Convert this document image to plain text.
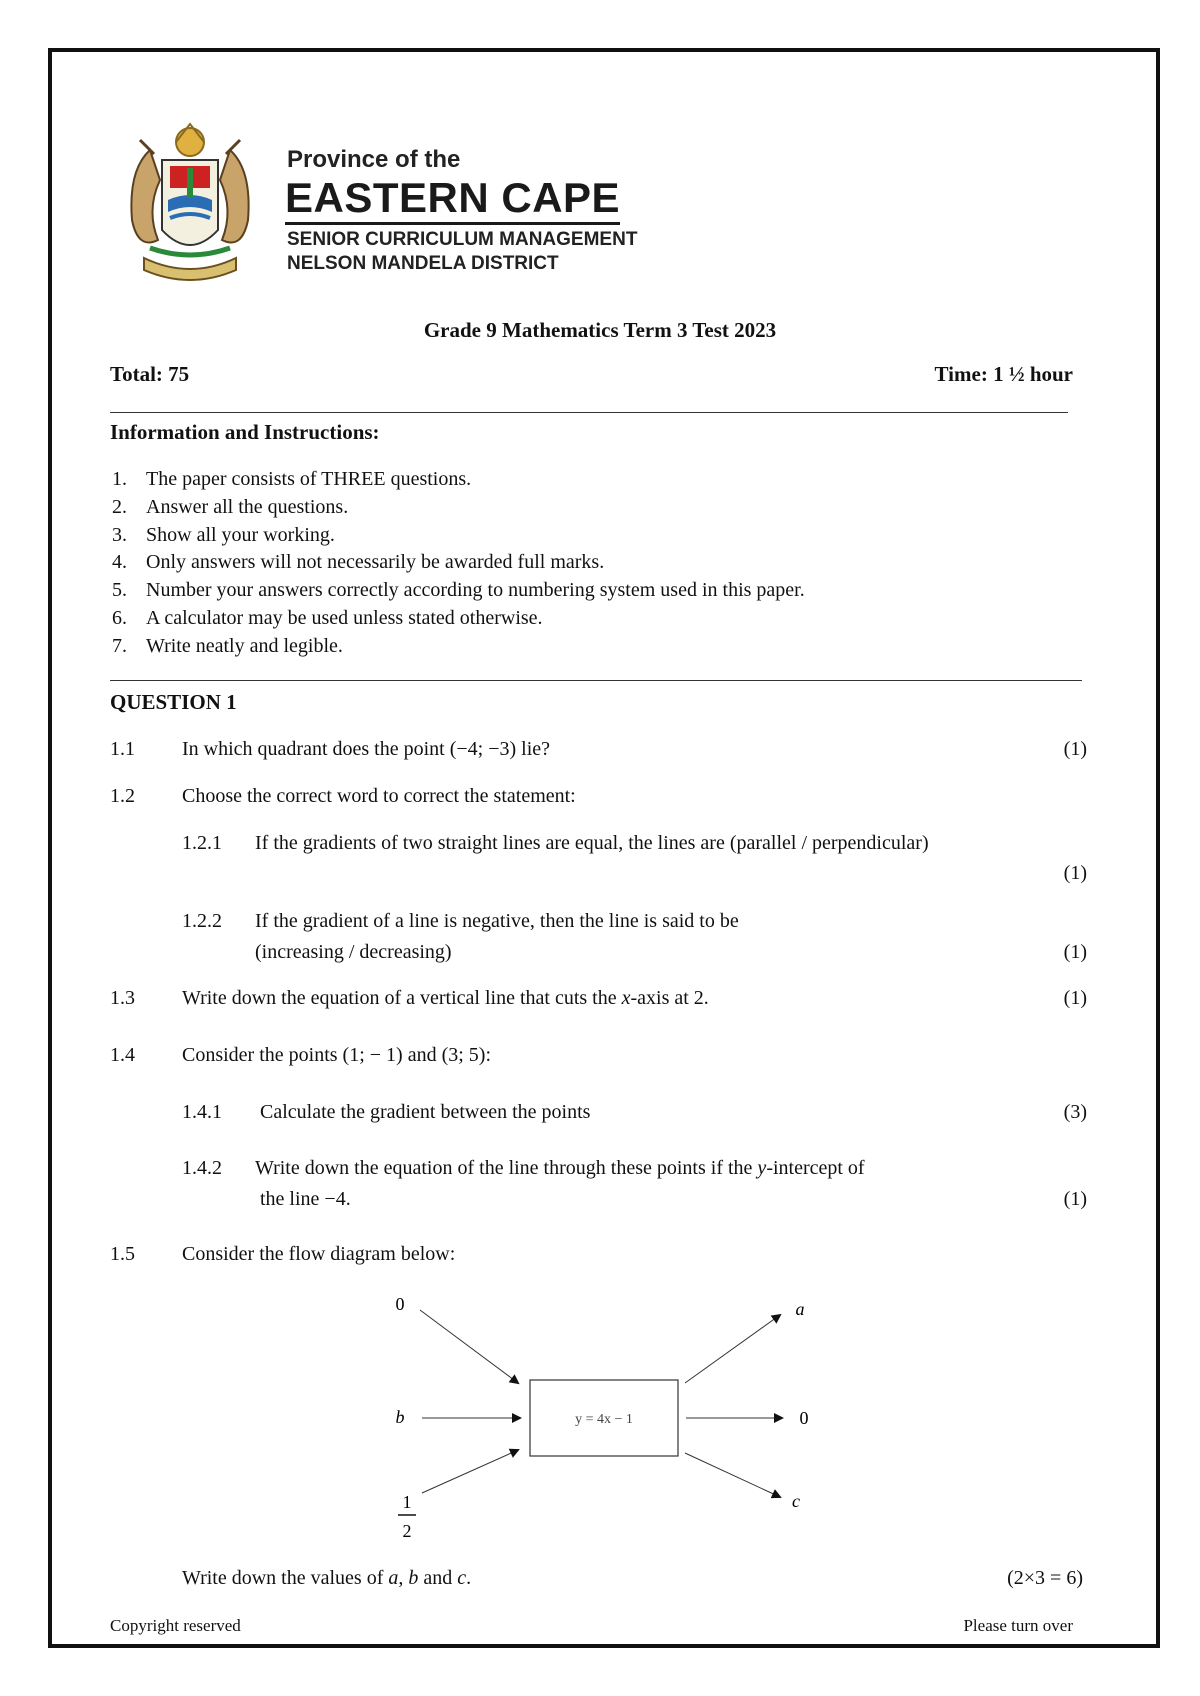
Province of the
EASTERN CAPE
SENIOR CURRICULUM MANAGEMENT
NELSON MANDELA DISTRICT
Grade 9 Mathematics Term 3 Test 2023
Total: 75	Time: 1 ½ hour
Information and Instructions:
1. The paper consists of THREE questions.
2. Answer all the questions.
3. Show all your working.
4. Only answers will not necessarily be awarded full marks.
5. Number your answers correctly according to numbering system used in this paper.
6. A calculator may be used unless stated otherwise.
7. Write neatly and legible.
QUESTION 1
1.1 In which quadrant does the point (−4; −3) lie?	(1)
1.2 Choose the correct word to correct the statement:
1.2.1 If the gradients of two straight lines are equal, the lines are (parallel / perpendicular)
(1)
1.2.2 If the gradient of a line is negative, then the line is said to be
(increasing / decreasing)	(1)
1.3 Write down the equation of a vertical line that cuts the x-axis at 2.	(1)
1.4 Consider the points (1; − 1) and (3; 5):
1.4.1 Calculate the gradient between the points	(3)
1.4.2 Write down the equation of the line through these points if the y-intercept of
the line −4.	(1)
1.5 Consider the flow diagram below:
0
b
1
2
y = 4x − 1
a
0
c
Write down the values of a, b and c.	(2×3 = 6)
Copyright reserved	Please turn over
